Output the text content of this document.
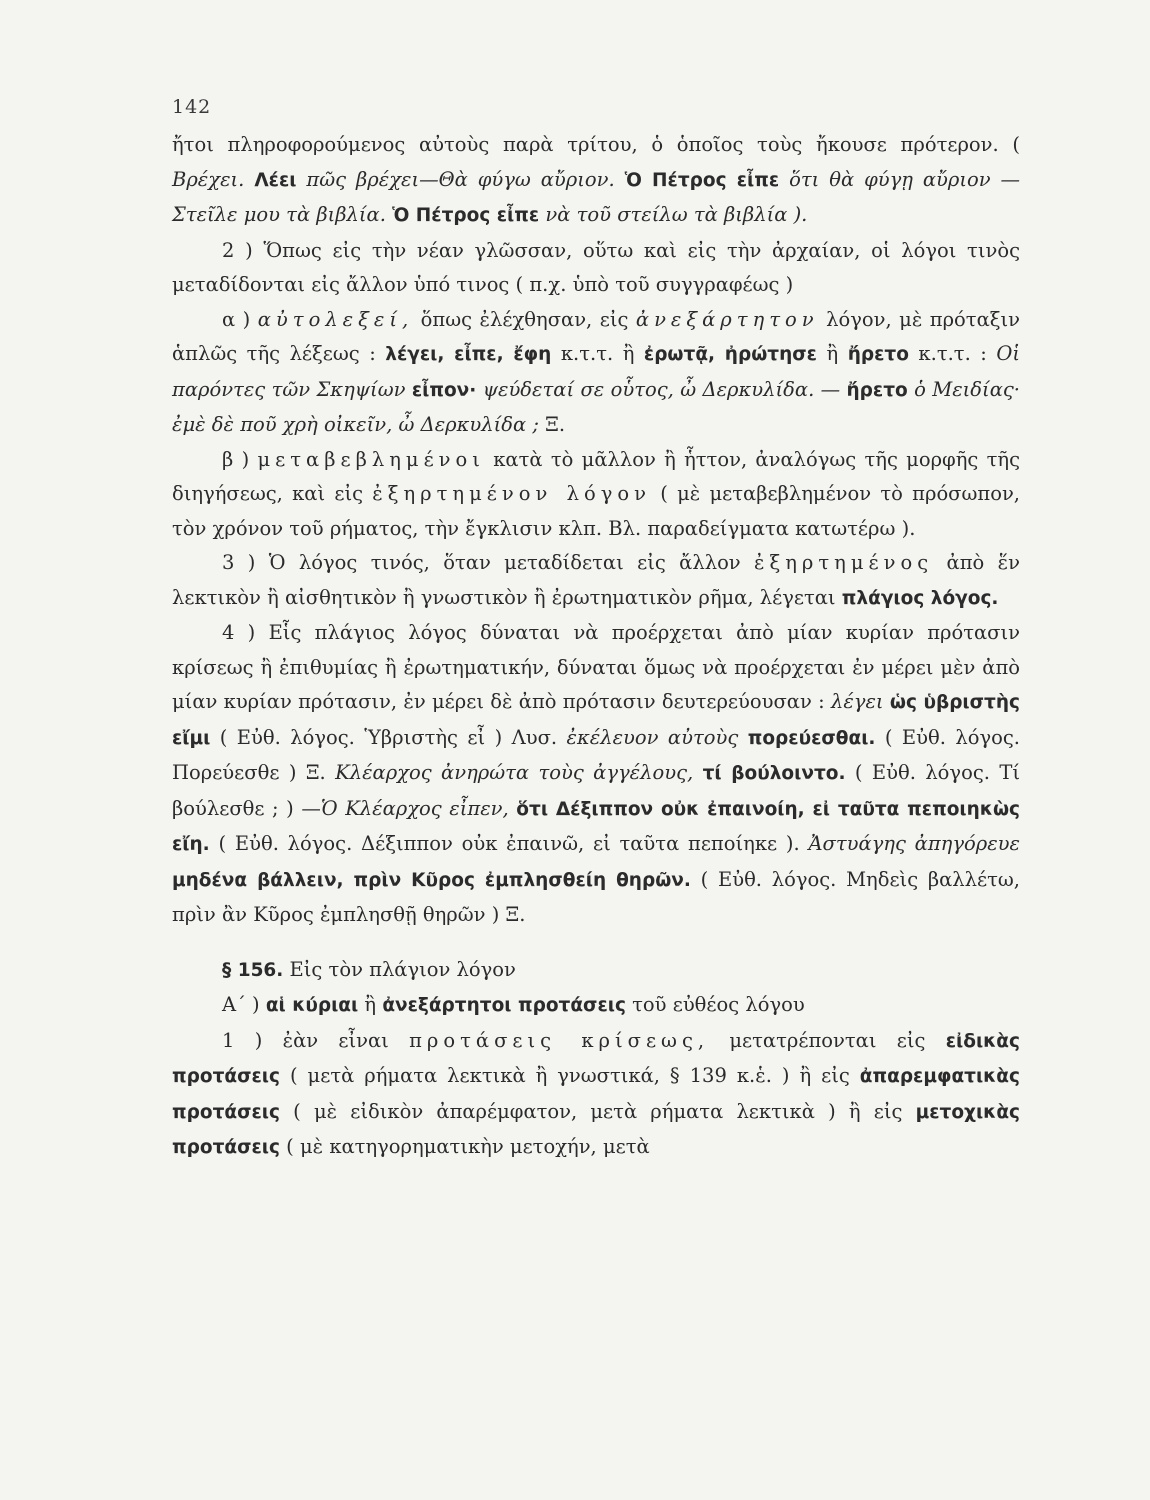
142

ἤτοι πληροφορούμενος αὐτοὺς παρὰ τρίτου, ὁ ὁποῖος τοὺς ἤκουσε πρότερον. ( Βρέχει. Λέει πῶς βρέχει—Θὰ φύγω αὔριον. Ὁ Πέτρος εἶπε ὅτι θὰ φύγῃ αὔριον — Στεῖλε μου τὰ βιβλία. Ὁ Πέτρος εἶπε νὰ τοῦ στείλω τὰ βιβλία ).

2 ) Ὅπως εἰς τὴν νέαν γλῶσσαν, οὕτω καὶ εἰς τὴν ἀρχαίαν, οἱ λόγοι τινὸς μεταδίδονται εἰς ἄλλον ὑπό τινος ( π.χ. ὑπὸ τοῦ συγγραφέως )

α ) αὐτολεξεί, ὅπως ἐλέχθησαν, εἰς ἀνεξάρτητον λόγον, μὲ πρόταξιν ἁπλῶς τῆς λέξεως : λέγει, εἶπε, ἔφη κ.τ.τ. ἢ ἐρωτᾷ, ἠρώτησε ἢ ἤρετο κ.τ.τ. : Οἱ παρόντες τῶν Σκηψίων εἶπον· ψεύδεταί σε οὗτος, ὦ Δερκυλίδα. — ἤρετο ὁ Μειδίας· ἐμὲ δὲ ποῦ χρὴ οἰκεῖν, ὦ Δερκυλίδα ; Ξ.

β ) μεταβεβλημένοι κατὰ τὸ μᾶλλον ἢ ἧττον, ἀναλόγως τῆς μορφῆς τῆς διηγήσεως, καὶ εἰς ἐξηρτημένον λόγον ( μὲ μεταβεβλημένον τὸ πρόσωπον, τὸν χρόνον τοῦ ρήματος, τὴν ἔγκλισιν κλπ. Βλ. παραδείγματα κατωτέρω ).

3 ) Ὁ λόγος τινός, ὅταν μεταδίδεται εἰς ἄλλον ἐξηρτημένος ἀπὸ ἕν λεκτικὸν ἢ αἰσθητικὸν ἢ γνωστικὸν ἢ ἐρωτηματικὸν ρῆμα, λέγεται πλάγιος λόγος.

4 ) Εἷς πλάγιος λόγος δύναται νὰ προέρχεται ἀπὸ μίαν κυρίαν πρότασιν κρίσεως ἢ ἐπιθυμίας ἢ ἐρωτηματικήν, δύναται ὅμως νὰ προέρχεται ἐν μέρει μὲν ἀπὸ μίαν κυρίαν πρότασιν, ἐν μέρει δὲ ἀπὸ πρότασιν δευτερεύουσαν : λέγει ὡς ὑβριστὴς εἴμι ( Εὐθ. λόγος. Ὑβριστὴς εἶ ) Λυσ. ἐκέλευον αὐτοὺς πορεύεσθαι. ( Εὐθ. λόγος. Πορεύεσθε ) Ξ. Κλέαρχος ἀνηρώτα τοὺς ἀγγέλους, τί βούλοιντο. ( Εὐθ. λόγος. Τί βούλεσθε ; ) —Ὁ Κλέαρχος εἶπεν, ὅτι Δέξιππον οὐκ ἐπαινοίη, εἰ ταῦτα πεποιηκὼς εἴη. ( Εὐθ. λόγος. Δέξιππον οὐκ ἐπαινῶ, εἰ ταῦτα πεποίηκε ). Ἀστυάγης ἀπηγόρευε μηδένα βάλλειν, πρὶν Κῦρος ἐμπλησθείη θηρῶν. ( Εὐθ. λόγος. Μηδεὶς βαλλέτω, πρὶν ἂν Κῦρος ἐμπλησθῇ θηρῶν ) Ξ.

§ 156. Εἰς τὸν πλάγιον λόγον

Α΄ ) αἱ κύριαι ἢ ἀνεξάρτητοι προτάσεις τοῦ εὐθέος λόγου

1 ) ἐὰν εἶναι προτάσεις κρίσεως, μετατρέπονται εἰς εἰδικὰς προτάσεις ( μετὰ ρήματα λεκτικὰ ἢ γνωστικά, § 139 κ.ἑ. ) ἢ εἰς ἀπαρεμφατικὰς προτάσεις ( μὲ εἰδικὸν ἀπαρέμφατον, μετὰ ρήματα λεκτικὰ ) ἢ εἰς μετοχικὰς προτάσεις ( μὲ κατηγορηματικὴν μετοχήν, μετὰ
